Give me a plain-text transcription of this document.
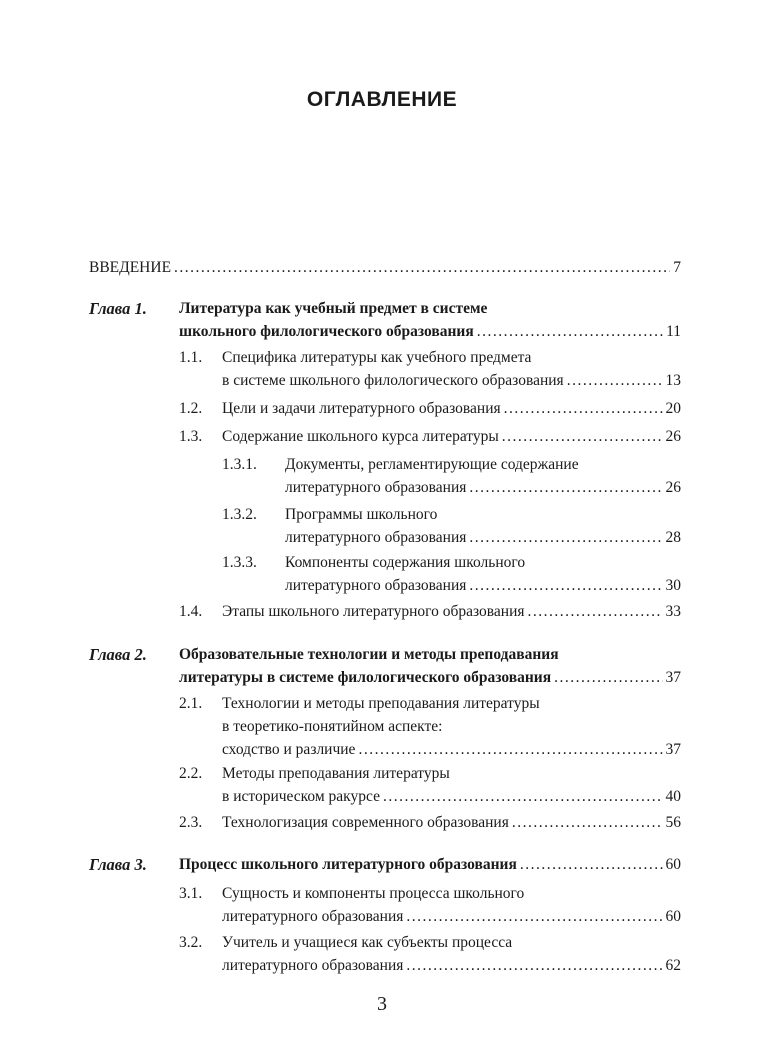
ОГЛАВЛЕНИЕ
ВВЕДЕНИЕ .....	7
Глава 1. Литература как учебный предмет в системе
школьного филологического образования .....	11
1.1. Специфика литературы как учебного предмета
в системе школьного филологического образования .....	13
1.2. Цели и задачи литературного образования .....	20
1.3. Содержание школьного курса литературы .....	26
1.3.1. Документы, регламентирующие содержание
литературного образования .....	26
1.3.2. Программы школьного
литературного образования .....	28
1.3.3. Компоненты содержания школьного
литературного образования .....	30
1.4. Этапы школьного литературного образования .....	33
Глава 2. Образовательные технологии и методы преподавания
литературы в системе филологического образования .....	37
2.1. Технологии и методы преподавания литературы
в теоретико-понятийном аспекте:
сходство и различие .....	37
2.2. Методы преподавания литературы
в историческом ракурсе .....	40
2.3. Технологизация современного образования .....	56
Глава 3. Процесс школьного литературного образования .....	60
3.1. Сущность и компоненты процесса школьного
литературного образования .....	60
3.2. Учитель и учащиеся как субъекты процесса
литературного образования .....	62
3
